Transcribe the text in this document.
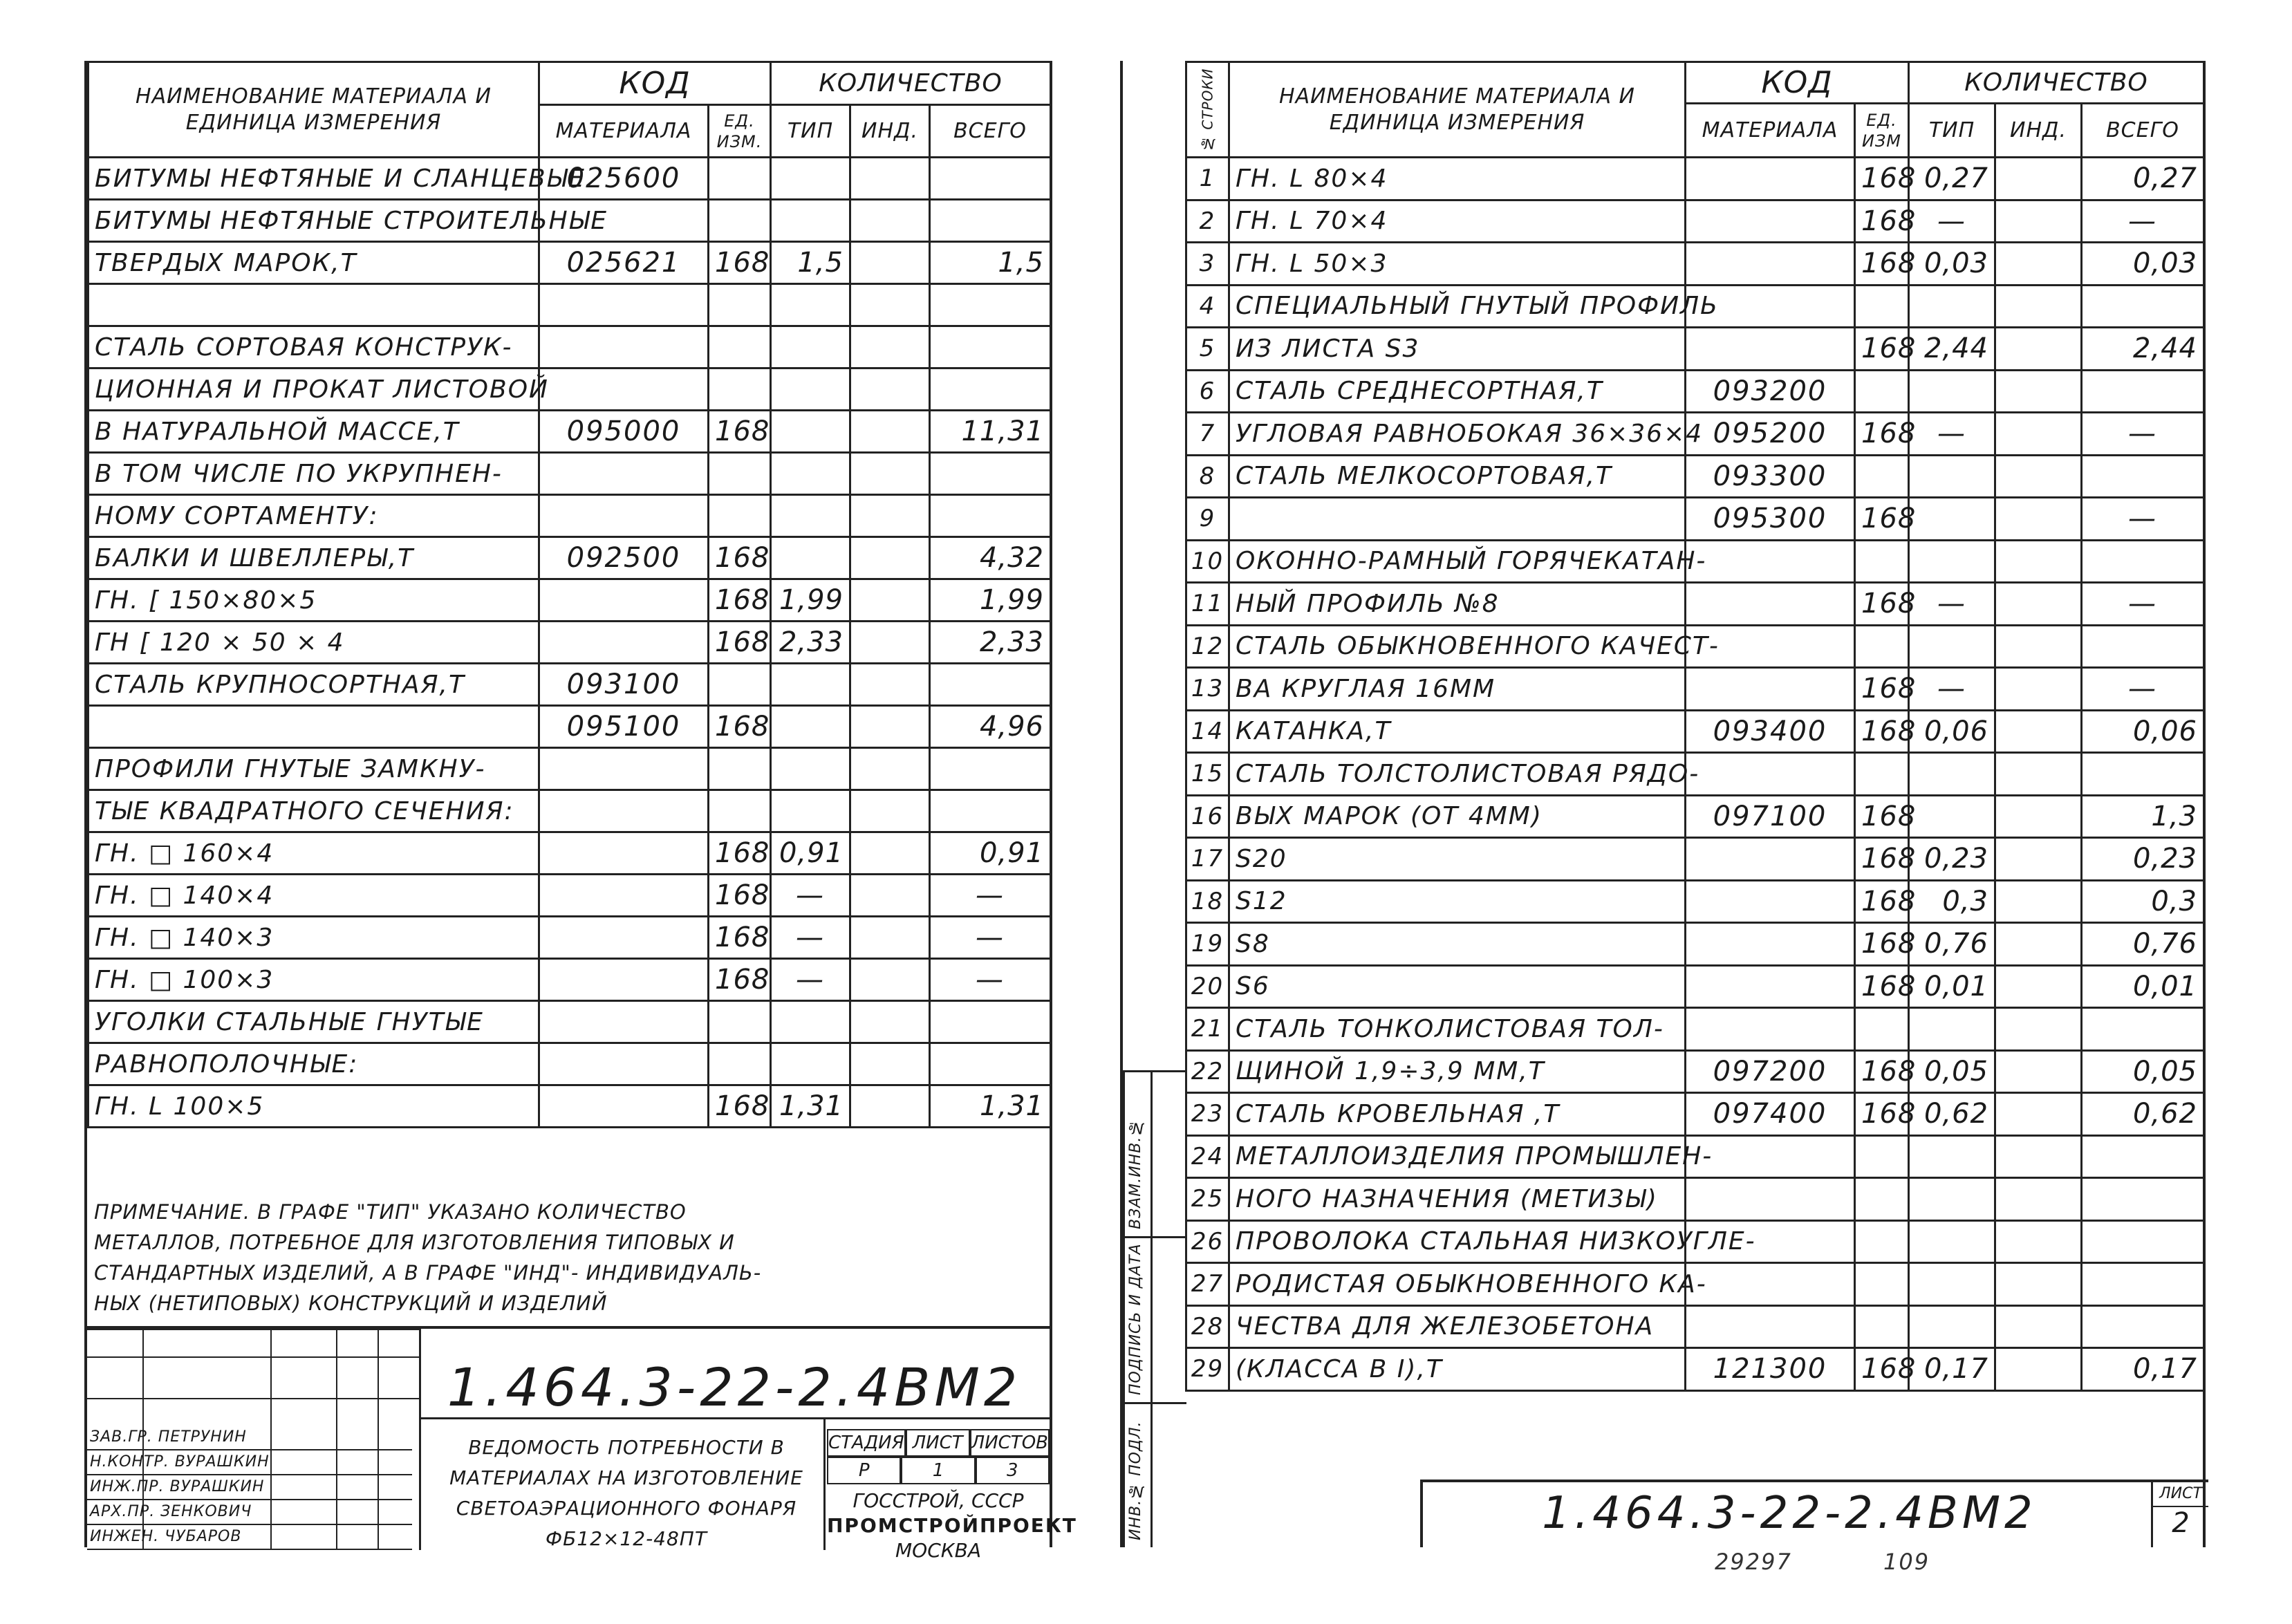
НАИМЕНОВАНИЕ МАТЕРИАЛА И ЕДИНИЦА ИЗМЕРЕНИЯ	КОД		КОЛИЧЕСТВО		
	МАТЕРИАЛА	ЕД. ИЗМ.	ТИП	ИНД.	ВСЕГО
БИТУМЫ НЕФТЯНЫЕ И СЛАНЦЕВЫЕ	025600				
БИТУМЫ НЕФТЯНЫЕ СТРОИТЕЛЬНЫЕ					
ТВЕРДЫХ МАРОК,Т	025621	168	1,5		1,5

СТАЛЬ СОРТОВАЯ КОНСТРУК-					
ЦИОННАЯ И ПРОКАТ ЛИСТОВОЙ					
В НАТУРАЛЬНОЙ МАССЕ,Т	095000	168			11,31
В ТОМ ЧИСЛЕ ПО УКРУПНЕН-					
НОМУ СОРТАМЕНТУ:					
БАЛКИ И ШВЕЛЛЕРЫ,Т	092500	168			4,32
ГН. [ 150×80×5		168	1,99		1,99
ГН [ 120 × 50 × 4		168	2,33		2,33
СТАЛЬ КРУПНОСОРТНАЯ,Т	093100				
	095100	168			4,96
ПРОФИЛИ ГНУТЫЕ ЗАМКНУ-					
ТЫЕ КВАДРАТНОГО СЕЧЕНИЯ:					
ГН. □ 160×4		168	0,91		0,91
ГН. □ 140×4		168	—		—
ГН. □ 140×3		168	—		—
ГН. □ 100×3		168	—		—
УГОЛКИ СТАЛЬНЫЕ ГНУТЫЕ					
РАВНОПОЛОЧНЫЕ:					
ГН. L 100×5		168	1,31		1,31
ПРИМЕЧАНИЕ. В ГРАФЕ "ТИП" УКАЗАНО КОЛИЧЕСТВО
МЕТАЛЛОВ, ПОТРЕБНОЕ ДЛЯ ИЗГОТОВЛЕНИЯ ТИПОВЫХ И
СТАНДАРТНЫХ ИЗДЕЛИЙ, А В ГРАФЕ "ИНД"- ИНДИВИДУАЛЬ-
НЫХ (НЕТИПОВЫХ) КОНСТРУКЦИЙ И ИЗДЕЛИЙ
1.464.3-22-2.4ВМ2
ЗАВ.ГР. ПЕТРУНИН
Н.КОНТР. ВУРАШКИН
ИНЖ.ПР. ВУРАШКИН
АРХ.ПР. ЗЕНКОВИЧ
ИНЖЕН. ЧУБАРОВ
ВЕДОМОСТЬ ПОТРЕБНОСТИ В
МАТЕРИАЛАХ НА ИЗГОТОВЛЕНИЕ
СВЕТОАЭРАЦИОННОГО ФОНАРЯ
ФБ12×12-48ПТ
СТАДИЯ ЛИСТ ЛИСТОВ
Р	1	3
ГОССТРОЙ, СССР
ПРОМСТРОЙПРОЕКТ
МОСКВА
№ СТРОКИ	НАИМЕНОВАНИЕ МАТЕРИАЛА И ЕДИНИЦА ИЗМЕРЕНИЯ	КОД		КОЛИЧЕСТВО		
		МАТЕРИАЛА	ЕД. ИЗМ	ТИП	ИНД.	ВСЕГО
1	ГН. L 80×4		168	0,27		0,27
2	ГН. L 70×4		168	—		—
3	ГН. L 50×3		168	0,03		0,03
4	СПЕЦИАЛЬНЫЙ ГНУТЫЙ ПРОФИЛЬ					
5	ИЗ ЛИСТА S3		168	2,44		2,44
6	СТАЛЬ СРЕДНЕСОРТНАЯ,Т	093200				
7	УГЛОВАЯ РАВНОБОКАЯ 36×36×4	095200	168	—		—
8	СТАЛЬ МЕЛКОСОРТОВАЯ,Т	093300				
9		095300	168			—
10	ОКОННО-РАМНЫЙ ГОРЯЧЕКАТАН-					
11	НЫЙ ПРОФИЛЬ №8		168	—		—
12	СТАЛЬ ОБЫКНОВЕННОГО КАЧЕСТ-					
13	ВА КРУГЛАЯ 16ММ		168	—		—
14	КАТАНКА,Т	093400	168	0,06		0,06
15	СТАЛЬ ТОЛСТОЛИСТОВАЯ РЯДО-					
16	ВЫХ МАРОК (ОТ 4ММ)	097100	168			1,3
17	S20		168	0,23		0,23
18	S12		168	0,3		0,3
19	S8		168	0,76		0,76
20	S6		168	0,01		0,01
21	СТАЛЬ ТОНКОЛИСТОВАЯ ТОЛ-					
22	ЩИНОЙ 1,9÷3,9 ММ,Т	097200	168	0,05		0,05
23	СТАЛЬ КРОВЕЛЬНАЯ ,Т	097400	168	0,62		0,62
24	МЕТАЛЛОИЗДЕЛИЯ ПРОМЫШЛЕН-					
25	НОГО НАЗНАЧЕНИЯ (МЕТИЗЫ)					
26	ПРОВОЛОКА СТАЛЬНАЯ НИЗКОУГЛЕ-					
27	РОДИСТАЯ ОБЫКНОВЕННОГО КА-					
28	ЧЕСТВА ДЛЯ ЖЕЛЕЗОБЕТОНА					
29	(КЛАССА В I),Т	121300	168	0,17		0,17
ВЗАМ.ИНВ.№
ПОДПИСЬ И ДАТА
ИНВ.№ ПОДЛ.	1.464.3-22-2.4ВМ2	ЛИСТ
2
29297	109
